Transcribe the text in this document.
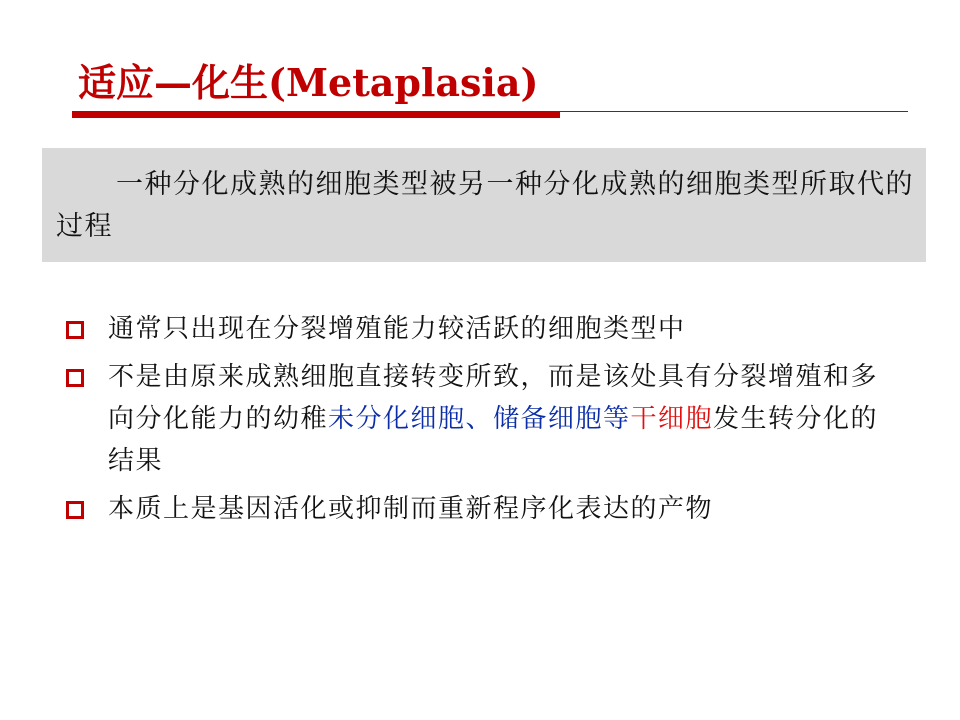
适应—化生(Metaplasia)

一种分化成熟的细胞类型被另一种分化成熟的细胞类型所取代的过程

通常只出现在分裂增殖能力较活跃的细胞类型中
不是由原来成熟细胞直接转变所致，而是该处具有分裂增殖和多向分化能力的幼稚未分化细胞、储备细胞等干细胞发生转分化的结果
本质上是基因活化或抑制而重新程序化表达的产物
